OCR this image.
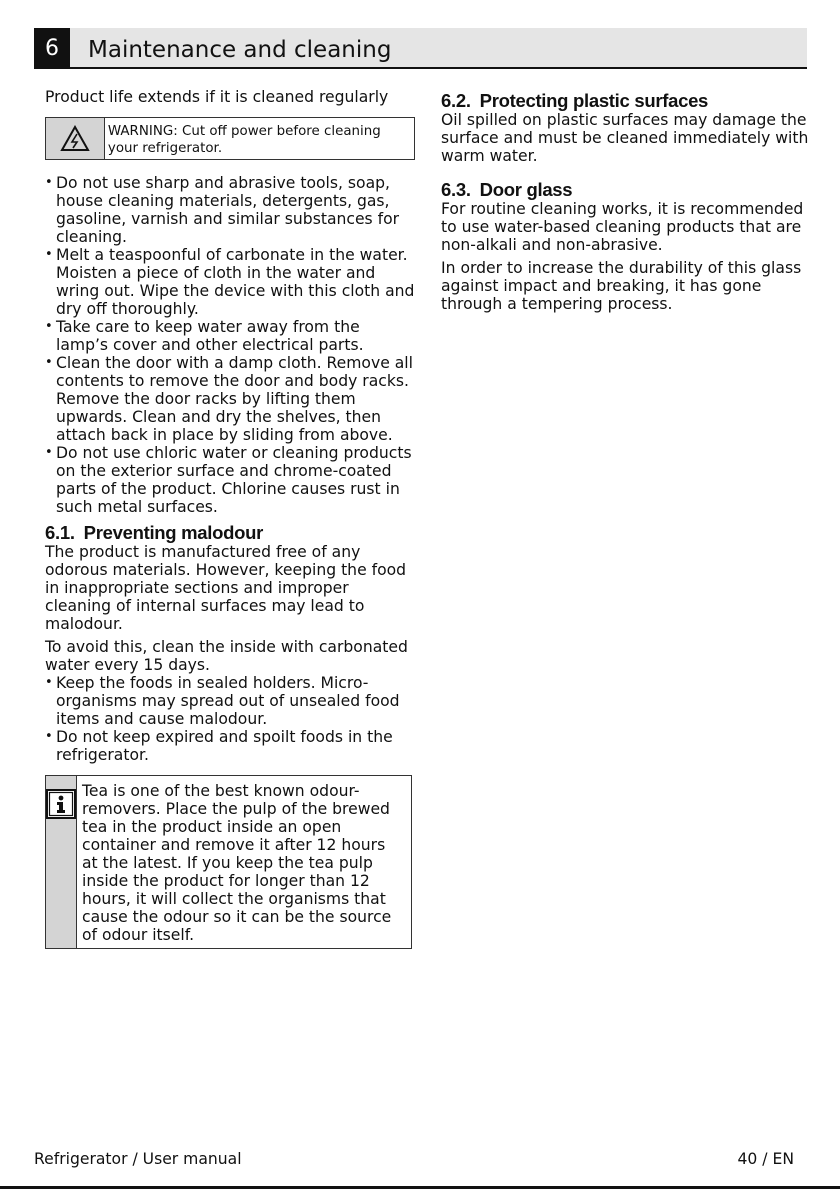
6	Maintenance and cleaning

Product life extends if it is cleaned regularly

WARNING: Cut off power before cleaning your refrigerator.
• Do not use sharp and abrasive tools, soap, house cleaning materials, detergents, gas, gasoline, varnish and similar substances for cleaning.
• Melt a teaspoonful of carbonate in the water. Moisten a piece of cloth in the water and wring out. Wipe the device with this cloth and dry off thoroughly.
• Take care to keep water away from the lamp’s cover and other electrical parts.
• Clean the door with a damp cloth. Remove all contents to remove the door and body racks. Remove the door racks by lifting them upwards. Clean and dry the shelves, then attach back in place by sliding from above.
• Do not use chloric water or cleaning products on the exterior surface and chrome-coated parts of the product. Chlorine causes rust in such metal surfaces.
6.1. Preventing malodour

The product is manufactured free of any odorous materials. However, keeping the food in inappropriate sections and improper cleaning of internal surfaces may lead to malodour.

To avoid this, clean the inside with carbonated water every 15 days.

• Keep the foods in sealed holders. Micro-organisms may spread out of unsealed food items and cause malodour.
• Do not keep expired and spoilt foods in the refrigerator.
Tea is one of the best known odour-removers. Place the pulp of the brewed tea in the product inside an open container and remove it after 12 hours at the latest. If you keep the tea pulp inside the product for longer than 12 hours, it will collect the organisms that cause the odour so it can be the source of odour itself.
6.2. Protecting plastic surfaces

Oil spilled on plastic surfaces may damage the surface and must be cleaned immediately with warm water.

6.3. Door glass

For routine cleaning works, it is recommended to use water-based cleaning products that are non-alkali and non-abrasive.

In order to increase the durability of this glass against impact and breaking, it has gone through a tempering process.

Refrigerator / User manual	40 / EN
